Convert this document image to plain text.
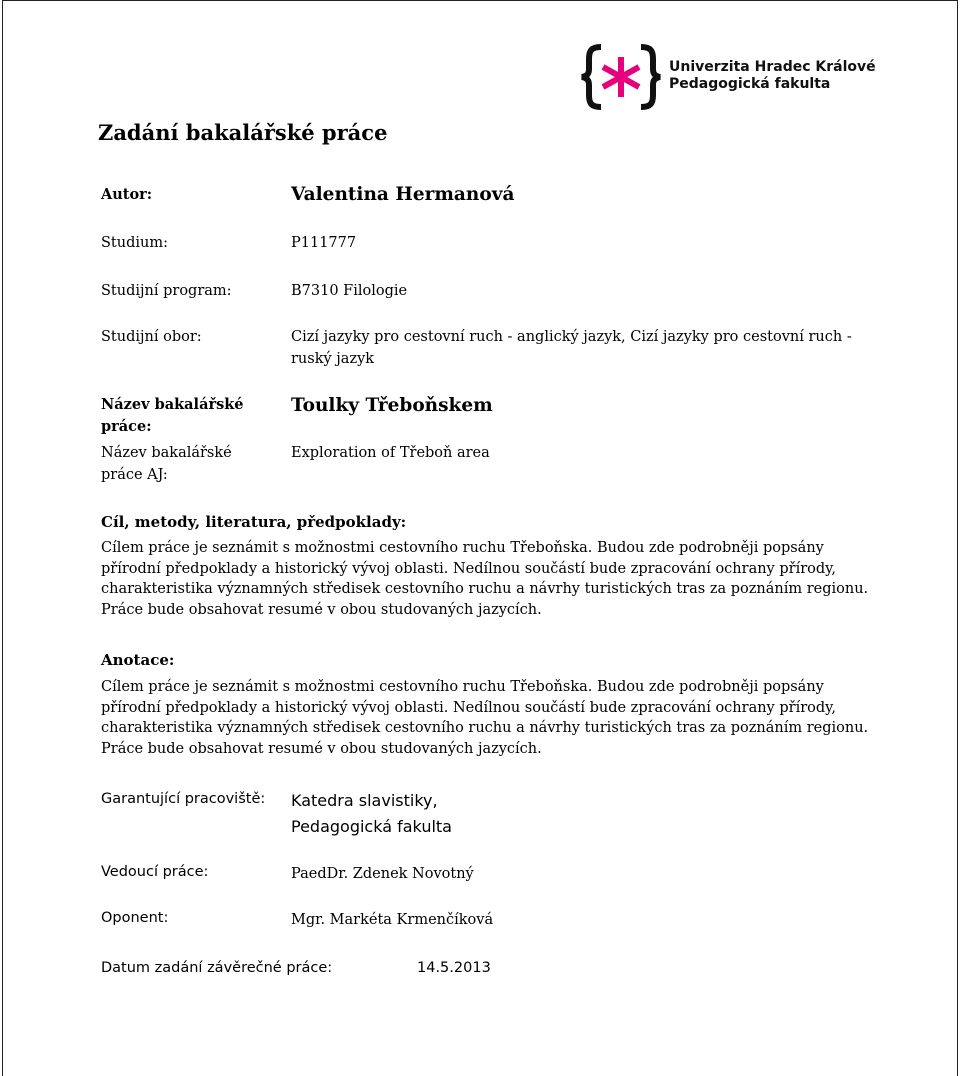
Univerzita Hradec Králové
Pedagogická fakulta
Zadání bakalářské práce
Autor:	Valentina Hermanová
Studium:	P111777
Studijní program:	B7310 Filologie
Studijní obor:	Cizí jazyky pro cestovní ruch - anglický jazyk, Cizí jazyky pro cestovní ruch - ruský jazyk
Název bakalářské práce:
Toulky Třeboňskem
Název bakalářské práce AJ:
Exploration of Třeboň area
Cíl, metody, literatura, předpoklady:
Cílem práce je seznámit s možnostmi cestovního ruchu Třeboňska. Budou zde podrobněji popsány přírodní předpoklady a historický vývoj oblasti. Nedílnou součástí bude zpracování ochrany přírody, charakteristika významných středisek cestovního ruchu a návrhy turistických tras za poznáním regionu. Práce bude obsahovat resumé v obou studovaných jazycích.
Anotace:
Cílem práce je seznámit s možnostmi cestovního ruchu Třeboňska. Budou zde podrobněji popsány přírodní předpoklady a historický vývoj oblasti. Nedílnou součástí bude zpracování ochrany přírody, charakteristika významných středisek cestovního ruchu a návrhy turistických tras za poznáním regionu. Práce bude obsahovat resumé v obou studovaných jazycích.
Garantující pracoviště: Katedra slavistiky,
Pedagogická fakulta
Vedoucí práce:	PaedDr. Zdenek Novotný
Oponent:	Mgr. Markéta Krmenčíková
Datum zadání závěrečné práce:	14.5.2013
